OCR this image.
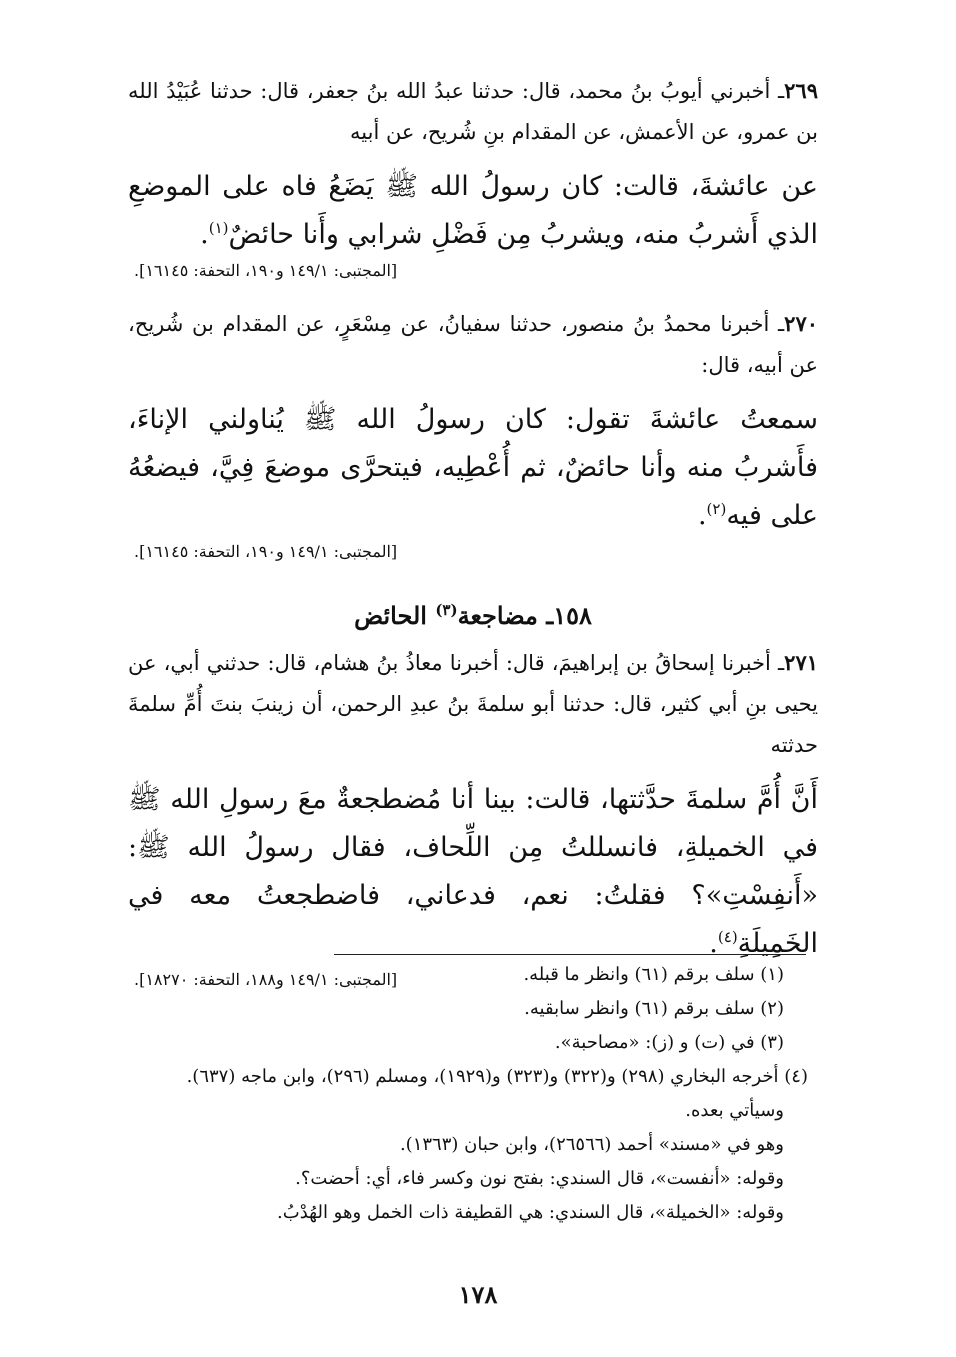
٢٦٩ـ أخبرني أيوبُ بنُ محمد، قال: حدثنا عبدُ الله بنُ جعفر، قال: حدثنا عُبَيْدُ الله بن عمرو، عن الأعمش، عن المقدام بنِ شُريح، عن أبيه
عن عائشةَ، قالت: كان رسولُ الله ﷺ يَضَعُ فاه على الموضعِ الذي أَشربُ منه، ويشربُ مِن فَضْلِ شرابي وأَنا حائضٌ$^{(١)}$.
[المجتبى: ١٤٩/١ و١٩٠، التحفة: ١٦١٤٥].
٢٧٠ـ أخبرنا محمدُ بنُ منصور، حدثنا سفيانُ، عن مِسْعَرٍ، عن المقدام بن شُريح، عن أبيه، قال:
سمعتُ عائشةَ تقول: كان رسولُ الله ﷺ يُناولني الإناءَ، فأَشربُ منه وأنا حائضٌ، ثم أُعْطِيه، فيتحرَّى موضعَ فِيَّ، فيضعُهُ على فيه$^{(٢)}$.
[المجتبى: ١٤٩/١ و١٩٠، التحفة: ١٦١٤٥].
١٥٨ـ مضاجعة$^{(٣)}$ الحائض
٢٧١ـ أخبرنا إسحاقُ بن إبراهيمَ، قال: أخبرنا معاذُ بنُ هشام، قال: حدثني أبي، عن يحيى بنِ أبي كثير، قال: حدثنا أبو سلمةَ بنُ عبدِ الرحمن، أن زينبَ بنتَ أُمِّ سلمةَ حدثته
أَنَّ أُمَّ سلمةَ حدَّثتها، قالت: بينا أنا مُضطجعةٌ معَ رسولِ الله ﷺ في الخميلةِ، فانسللتُ مِن اللِّحاف، فقال رسولُ الله ﷺ: «أَنفِسْتِ»؟ فقلتُ: نعم، فدعاني، فاضطجعتُ معه في الخَمِيلَةِ$^{(٤)}$.
[المجتبى: ١٤٩/١ و١٨٨، التحفة: ١٨٢٧٠].	(١) سلف برقم (٦١) وانظر ما قبله.
(٢) سلف برقم (٦١) وانظر سابقيه.
(٣) في (ت) و (ز): «مصاحبة».
(٤) أخرجه البخاري (٢٩٨) و(٣٢٢) و(٣٢٣) و(١٩٢٩)، ومسلم (٢٩٦)، وابن ماجه (٦٣٧).
وسيأتي بعده.
وهو في «مسند» أحمد (٢٦٥٦٦)، وابن حبان (١٣٦٣).
وقوله: «أنفست»، قال السندي: بفتح نون وكسر فاء، أي: أحضت؟.
وقوله: «الخميلة»، قال السندي: هي القطيفة ذات الخمل وهو الهُدْبُ.
١٧٨
